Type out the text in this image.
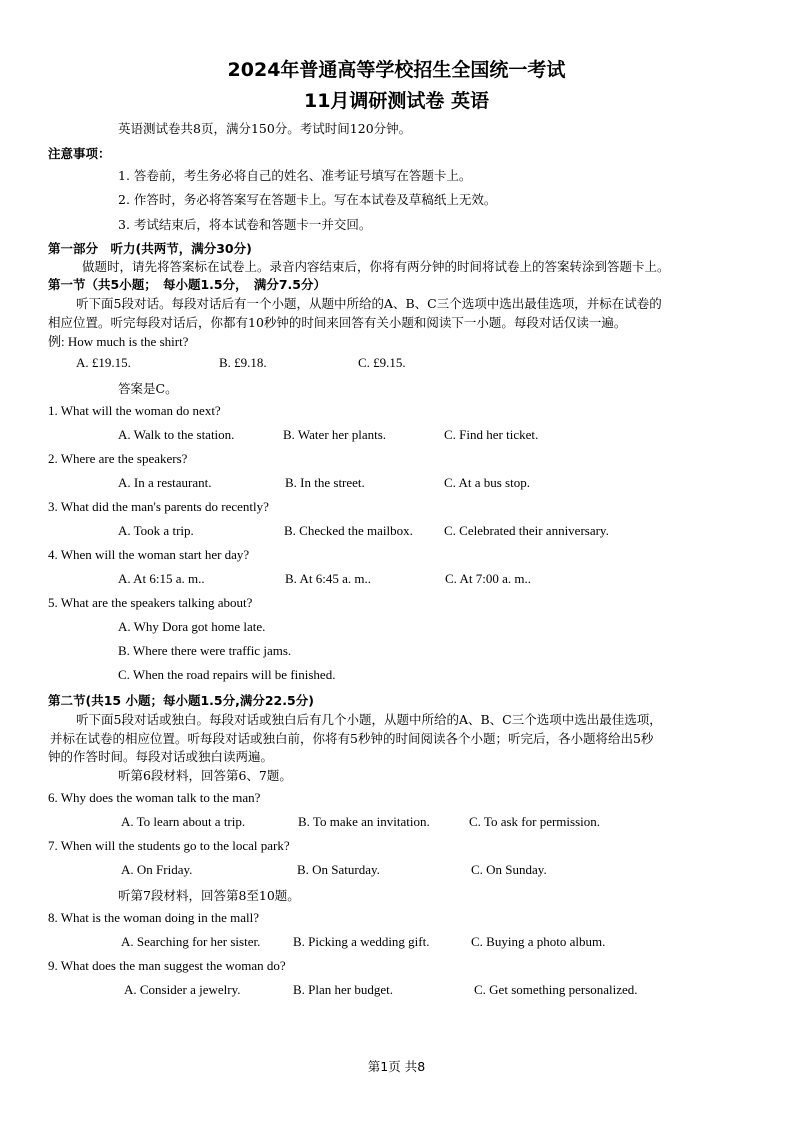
2024年普通高等学校招生全国统一考试
11月调研测试卷 英语
英语测试卷共8页，满分150分。考试时间120分钟。
注意事项：
1. 答卷前，考生务必将自己的姓名、准考证号填写在答题卡上。
2. 作答时，务必将答案写在答题卡上。写在本试卷及草稿纸上无效。
3. 考试结束后，将本试卷和答题卡一并交回。
第一部分　听力(共两节，满分30分)
做题时，请先将答案标在试卷上。录音内容结束后，你将有两分钟的时间将试卷上的答案转涂到答题卡上。
第一节（共5小题；　每小题1.5分，　满分7.5分）
听下面5段对话。每段对话后有一个小题，从题中所给的A、B、C三个选项中选出最佳选项，并标在试卷的
相应位置。听完每段对话后，你都有10秒钟的时间来回答有关小题和阅读下一小题。每段对话仅读一遍。
例: How much is the shirt?
A. £19.15.	B. £9.18.	C. £9.15.
答案是C。
1. What will the woman do next?
A. Walk to the station.	B. Water her plants.	C. Find her ticket.
2. Where are the speakers?
A. In a restaurant.	B. In the street.	C. At a bus stop.
3. What did the man's parents do recently?
A. Took a trip.	B. Checked the mailbox. C. Celebrated their anniversary.
4. When will the woman start her day?
A. At 6:15 a. m..	B. At 6:45 a. m..	C. At 7:00 a. m..
5. What are the speakers talking about?
A. Why Dora got home late.
B. Where there were traffic jams.
C. When the road repairs will be finished.
第二节(共15 小题；每小题1.5分,满分22.5分)
听下面5段对话或独白。每段对话或独白后有几个小题，从题中所给的A、B、C三个选项中选出最佳选项，
并标在试卷的相应位置。听每段对话或独白前，你将有5秒钟的时间阅读各个小题；听完后，各小题将给出5秒
钟的作答时间。每段对话或独白读两遍。
听第6段材料，回答第6、7题。
6. Why does the woman talk to the man?
A. To learn about a trip.	B. To make an invitation.	C. To ask for permission.
7. When will the students go to the local park?
A. On Friday.	B. On Saturday.	C. On Sunday.
听第7段材料，回答第8至10题。
8. What is the woman doing in the mall?
A. Searching for her sister.	B. Picking a wedding gift.	C. Buying a photo album.
9. What does the man suggest the woman do?
A. Consider a jewelry.	B. Plan her budget.	C. Get something personalized.
第1页 共8
